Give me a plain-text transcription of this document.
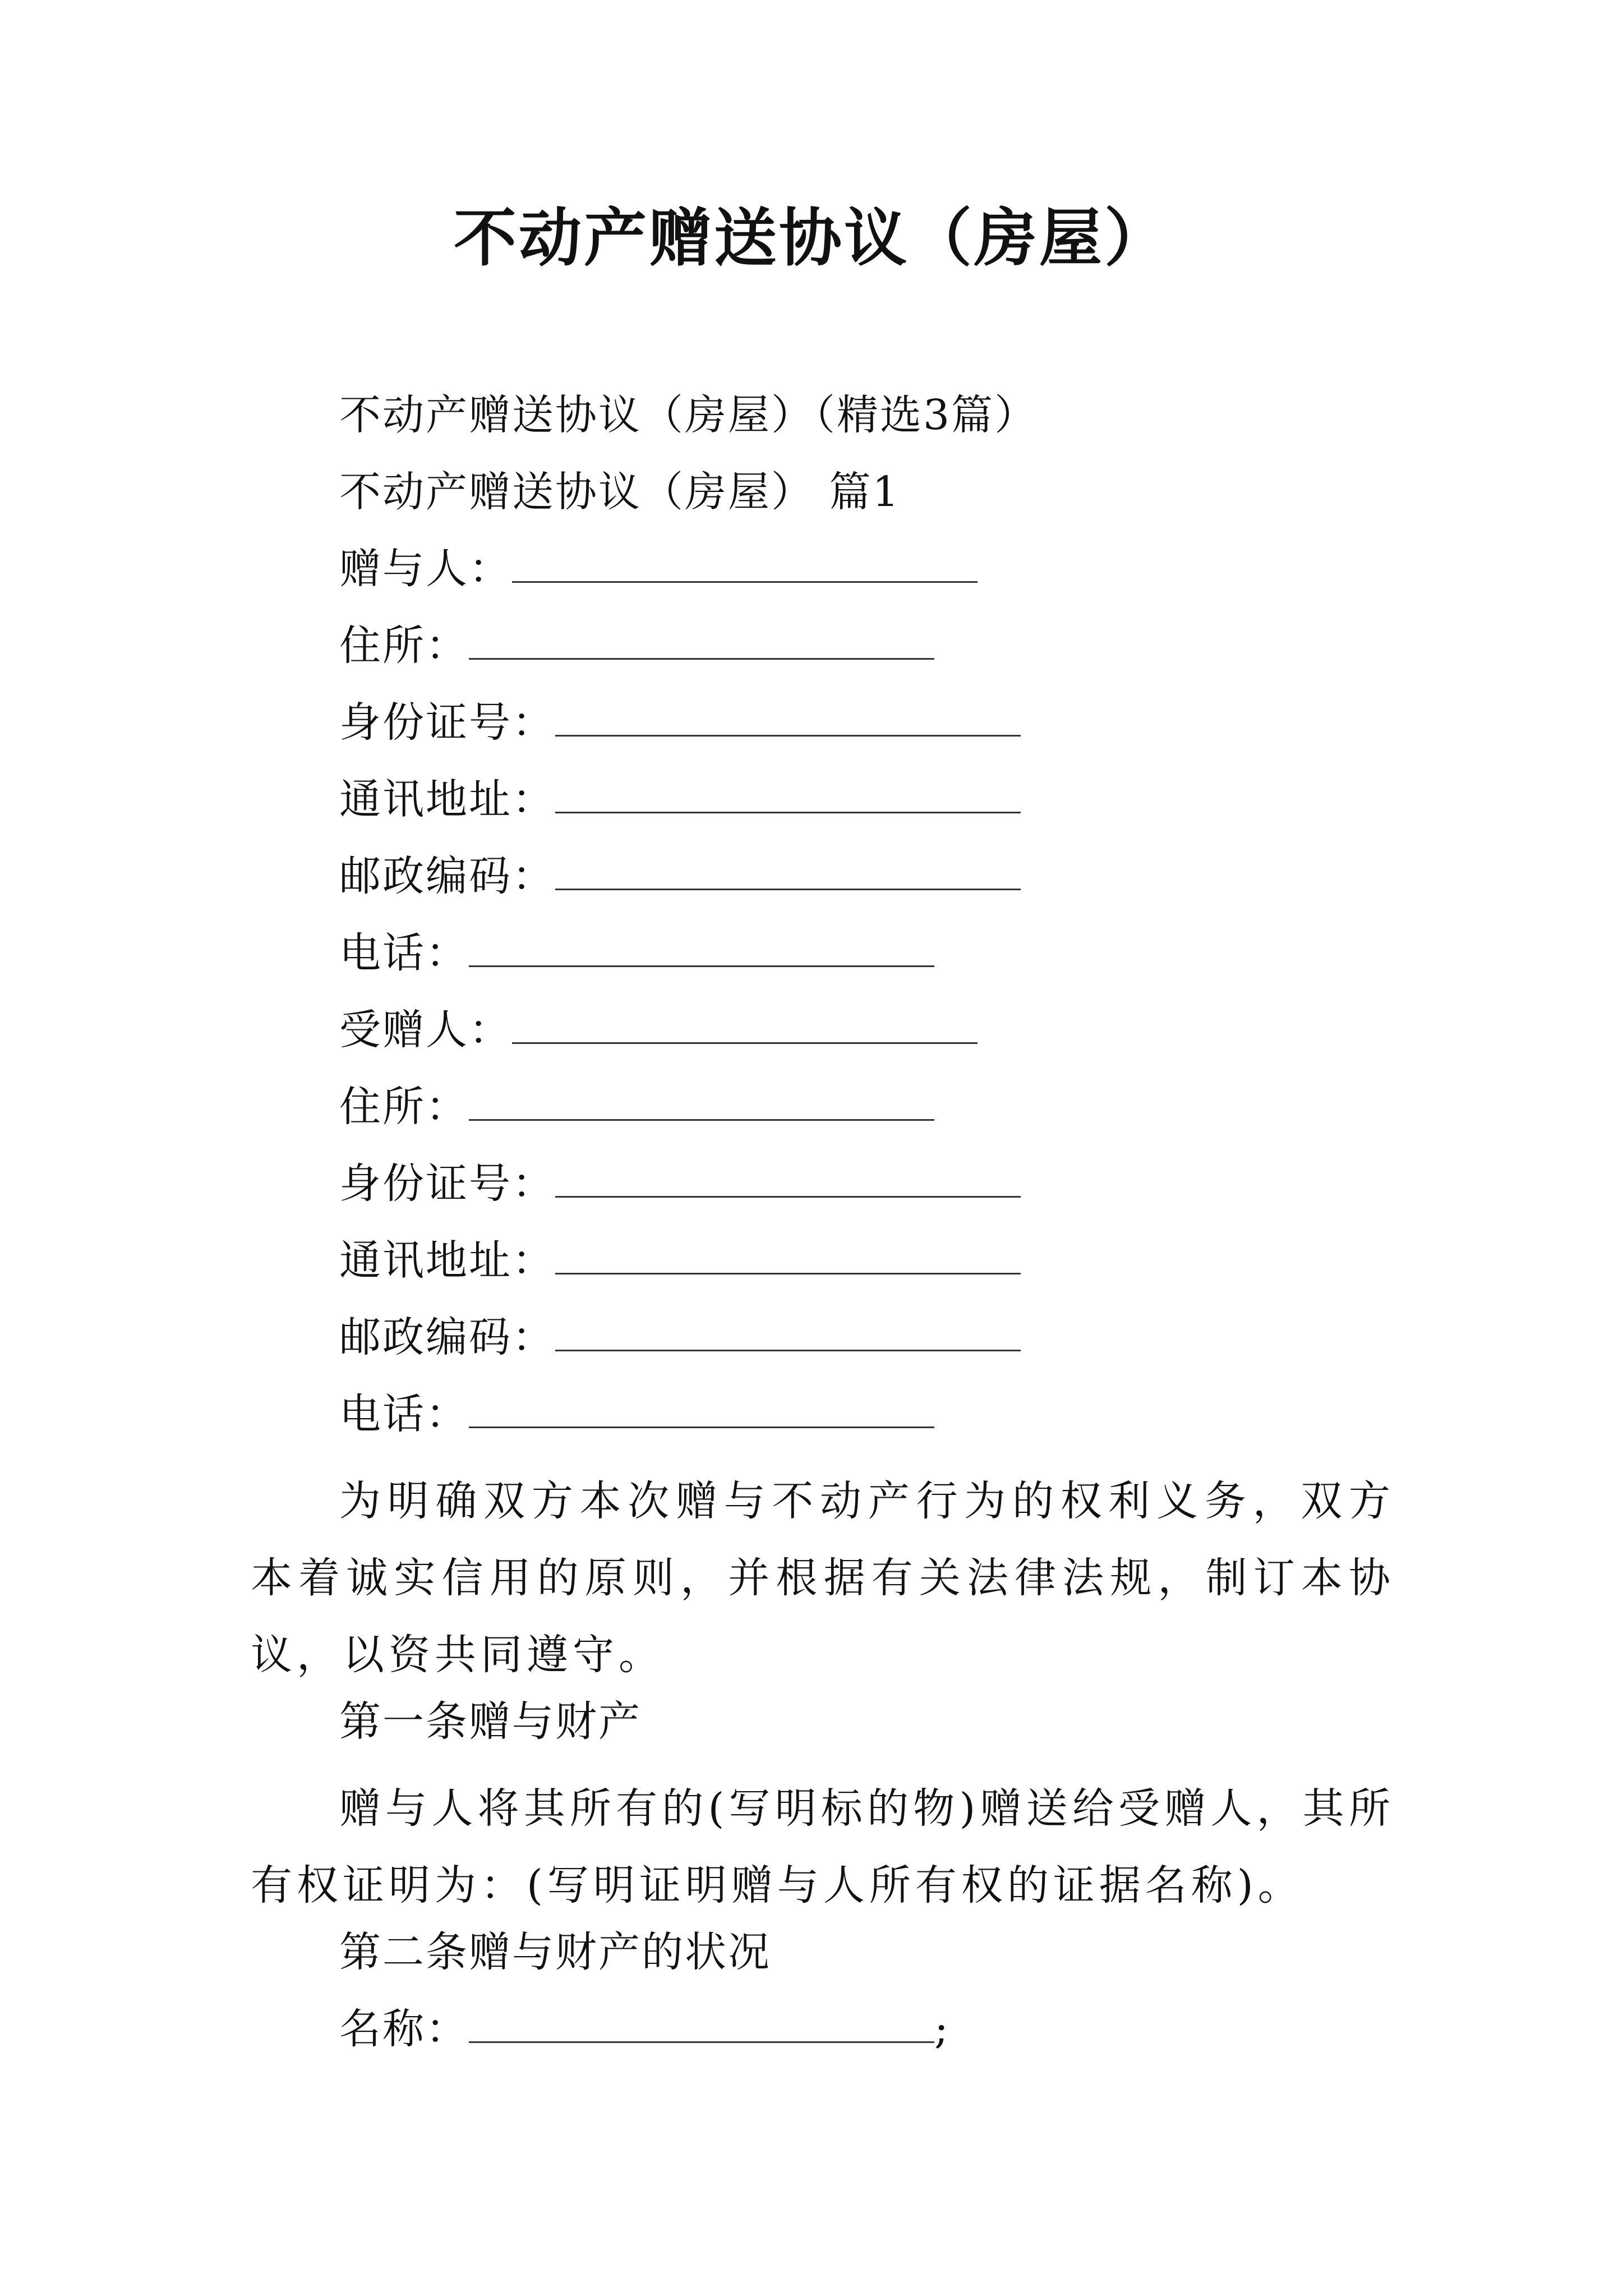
不动产赠送协议（房屋）
不动产赠送协议（房屋）（精选3篇）
不动产赠送协议（房屋） 篇1
赠与人：
住所：
身份证号：
通讯地址：
邮政编码：
电话：
受赠人：
住所：
身份证号：
通讯地址：
邮政编码：
电话：
为明确双方本次赠与不动产行为的权利义务，双方本着诚实信用的原则，并根据有关法律法规，制订本协议，以资共同遵守。
第一条赠与财产
赠与人将其所有的(写明标的物)赠送给受赠人，其所有权证明为：(写明证明赠与人所有权的证据名称)。
第二条赠与财产的状况
名称：	;
